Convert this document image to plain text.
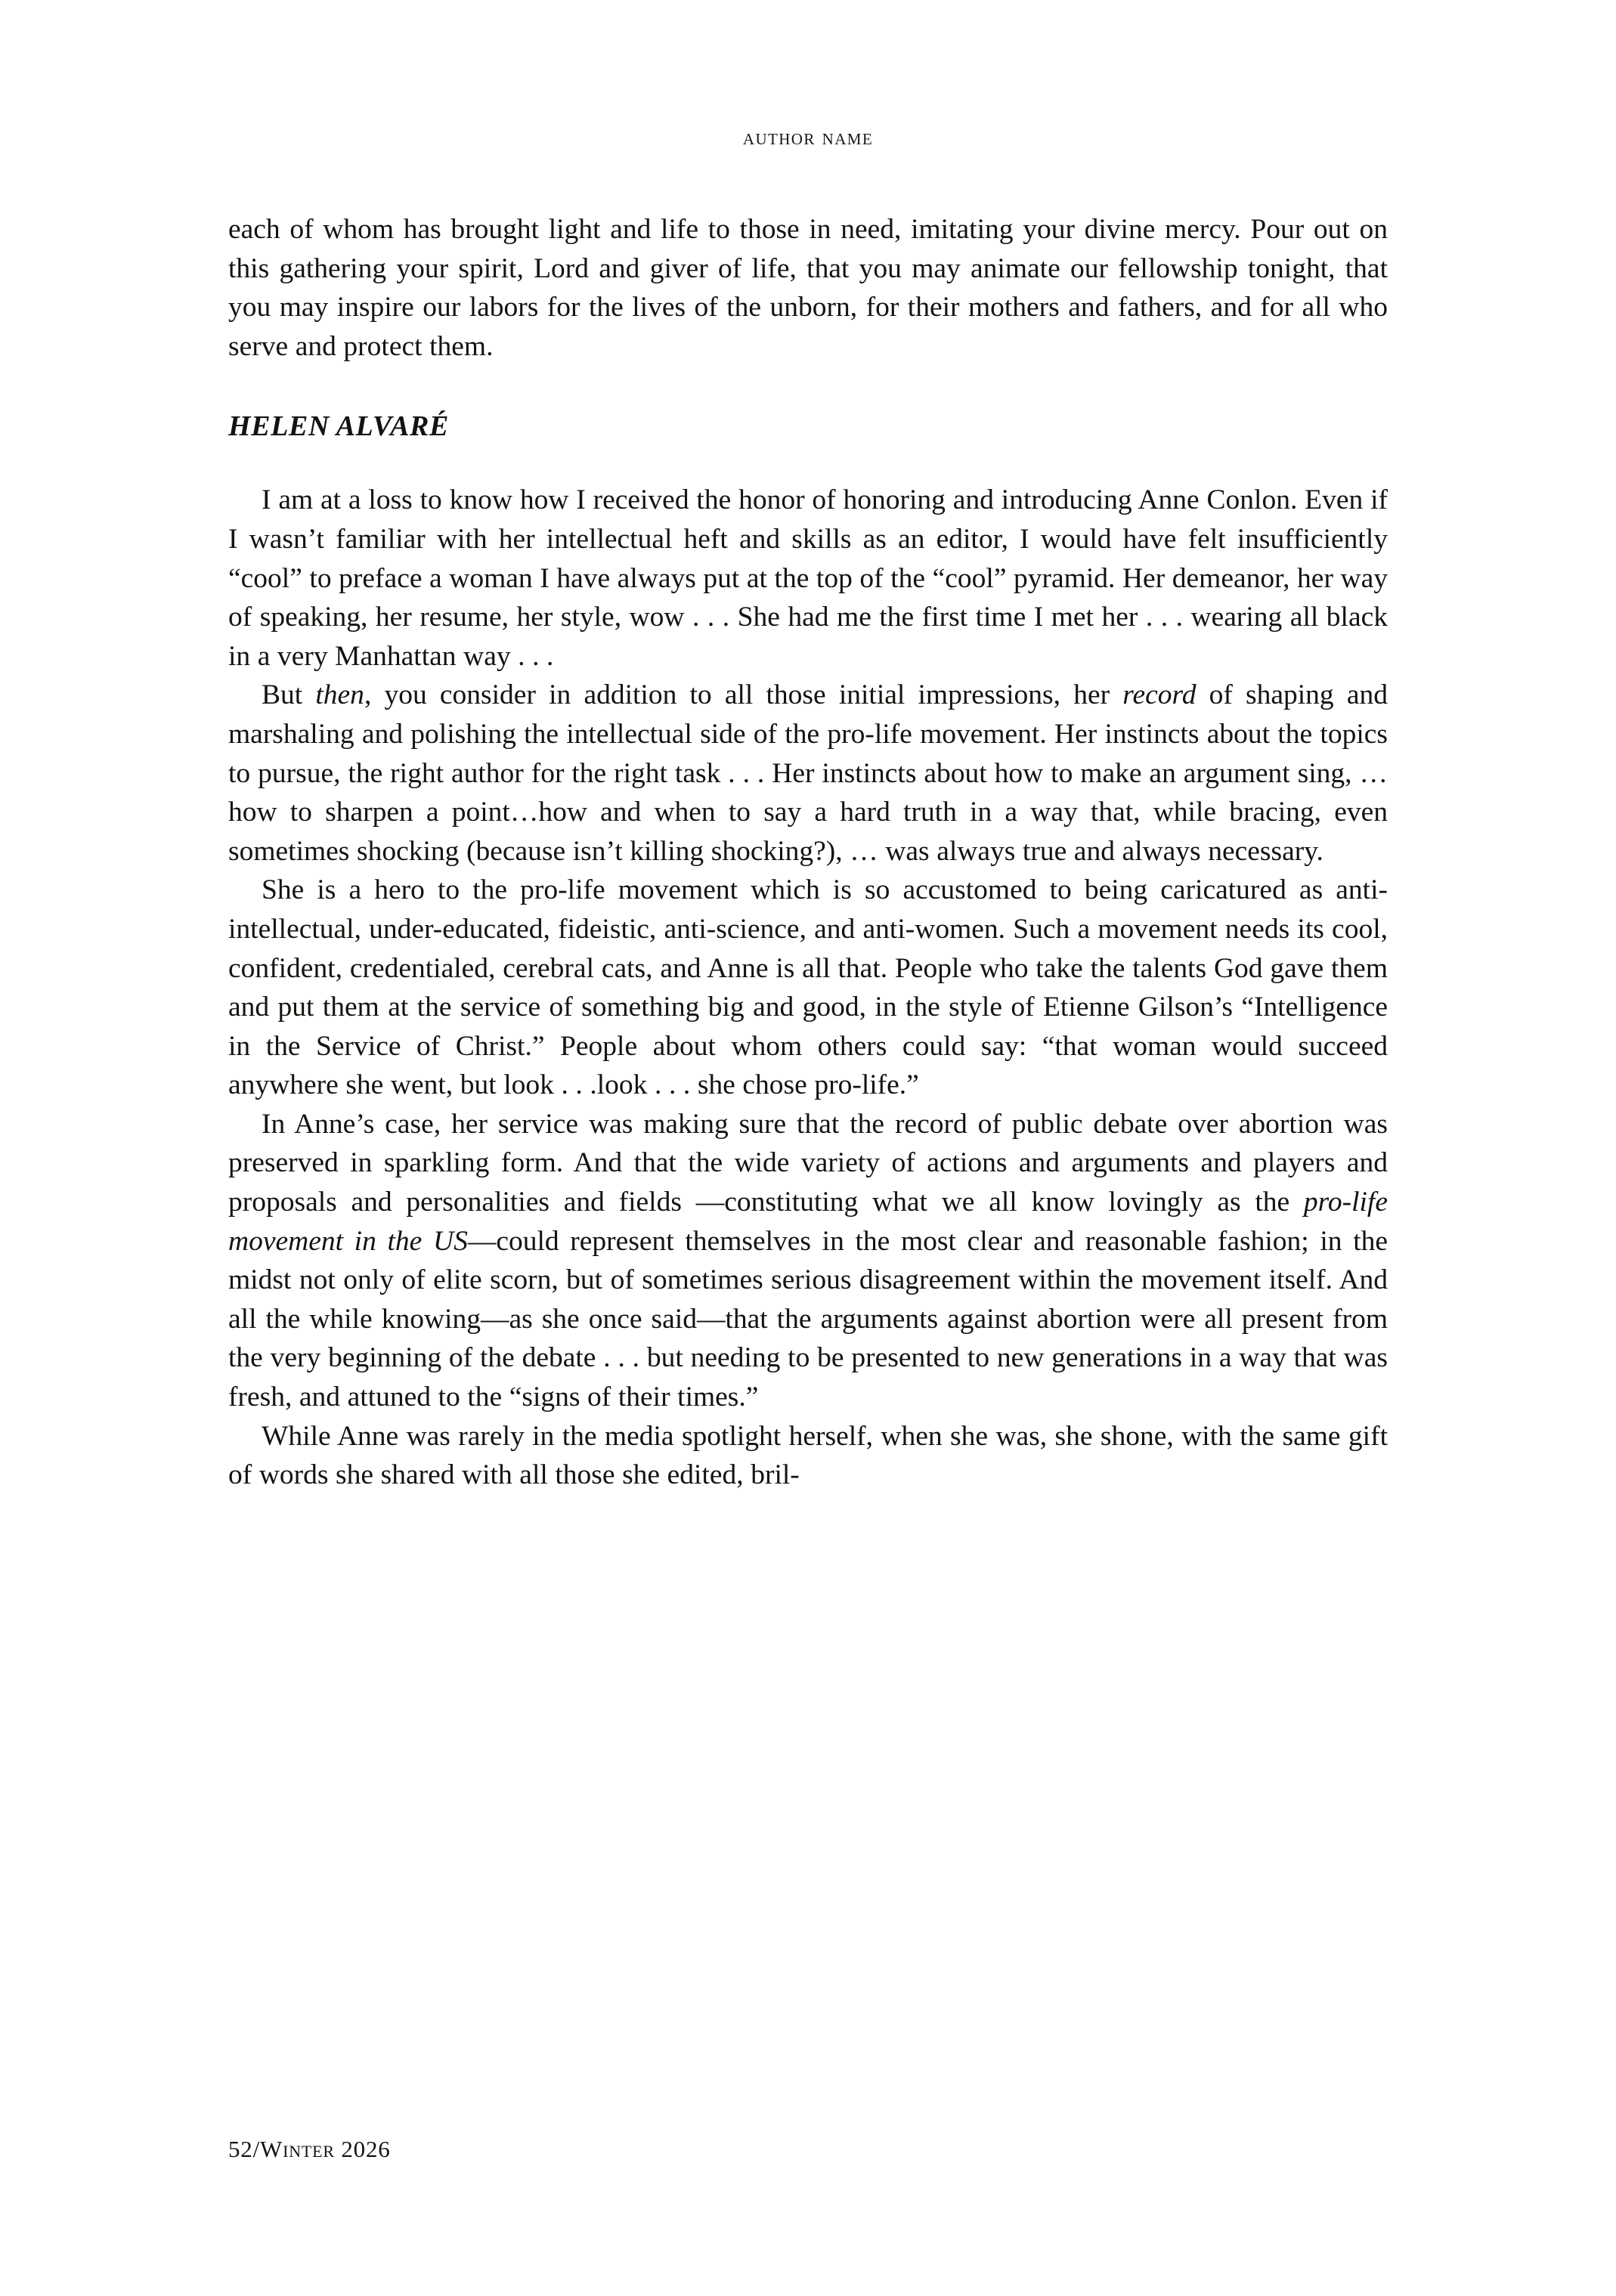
author name

each of whom has brought light and life to those in need, imitating your divine mercy. Pour out on this gathering your spirit, Lord and giver of life, that you may animate our fellowship tonight, that you may inspire our labors for the lives of the unborn, for their mothers and fathers, and for all who serve and protect them.

HELEN ALVARÉ

I am at a loss to know how I received the honor of honoring and introducing Anne Conlon. Even if I wasn’t familiar with her intellectual heft and skills as an editor, I would have felt insufficiently “cool” to preface a woman I have always put at the top of the “cool” pyramid. Her demeanor, her way of speaking, her resume, her style, wow . . . She had me the first time I met her . . . wearing all black in a very Manhattan way . . .

But then, you consider in addition to all those initial impressions, her record of shaping and marshaling and polishing the intellectual side of the pro-life movement. Her instincts about the topics to pursue, the right author for the right task . . . Her instincts about how to make an argument sing, … how to sharpen a point…how and when to say a hard truth in a way that, while bracing, even sometimes shocking (because isn’t killing shocking?), … was always true and always necessary.

She is a hero to the pro-life movement which is so accustomed to being caricatured as anti-intellectual, under-educated, fideistic, anti-science, and anti-women. Such a movement needs its cool, confident, credentialed, cerebral cats, and Anne is all that. People who take the talents God gave them and put them at the service of something big and good, in the style of Etienne Gilson’s “Intelligence in the Service of Christ.” People about whom others could say: “that woman would succeed anywhere she went, but look . . .look . . . she chose pro-life.”

In Anne’s case, her service was making sure that the record of public debate over abortion was preserved in sparkling form. And that the wide variety of actions and arguments and players and proposals and personalities and fields —constituting what we all know lovingly as the pro-life movement in the US—could represent themselves in the most clear and reasonable fashion; in the midst not only of elite scorn, but of sometimes serious disagreement within the movement itself. And all the while knowing—as she once said—that the arguments against abortion were all present from the very beginning of the debate . . . but needing to be presented to new generations in a way that was fresh, and attuned to the “signs of their times.”

While Anne was rarely in the media spotlight herself, when she was, she shone, with the same gift of words she shared with all those she edited, bril-

52/Winter 2026
